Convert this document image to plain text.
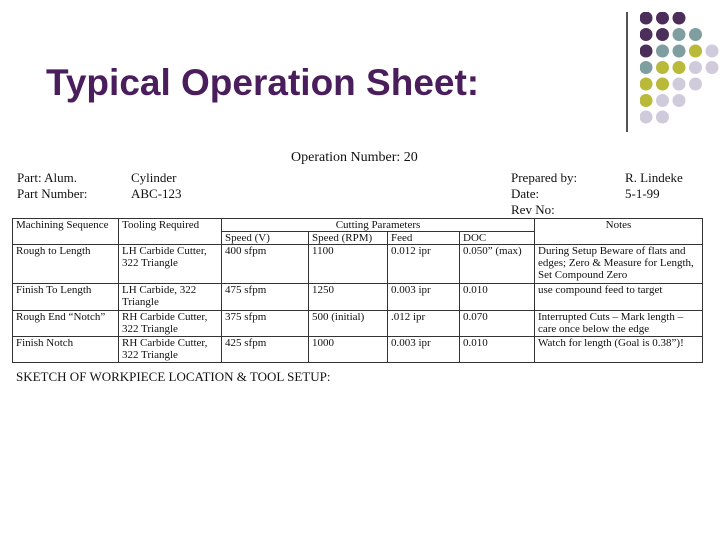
Typical Operation Sheet:
Operation Number: 20
Part: Alum.	Cylinder
Part Number:	ABC-123
Prepared by:	R. Lindeke
Date:	5-1-99
Rev No:
Machining Sequence	Tooling Required	Cutting Parameters				Notes
		Speed (V)	Speed (RPM)	Feed	DOC	
Rough to Length	LH Carbide Cutter, 322 Triangle	400 sfpm	1100	0.012 ipr	0.050” (max)	During Setup Beware of flats and edges; Zero & Measure for Length, Set Compound Zero
Finish To Length	LH Carbide, 322 Triangle	475 sfpm	1250	0.003 ipr	0.010	use compound feed to target
Rough End “Notch”	RH Carbide Cutter, 322 Triangle	375 sfpm	500 (initial)	.012 ipr	0.070	Interrupted Cuts – Mark length – care once below the edge
Finish Notch	RH Carbide Cutter, 322 Triangle	425 sfpm	1000	0.003 ipr	0.010	Watch for length (Goal is 0.38”)!
SKETCH OF WORKPIECE LOCATION & TOOL SETUP:
